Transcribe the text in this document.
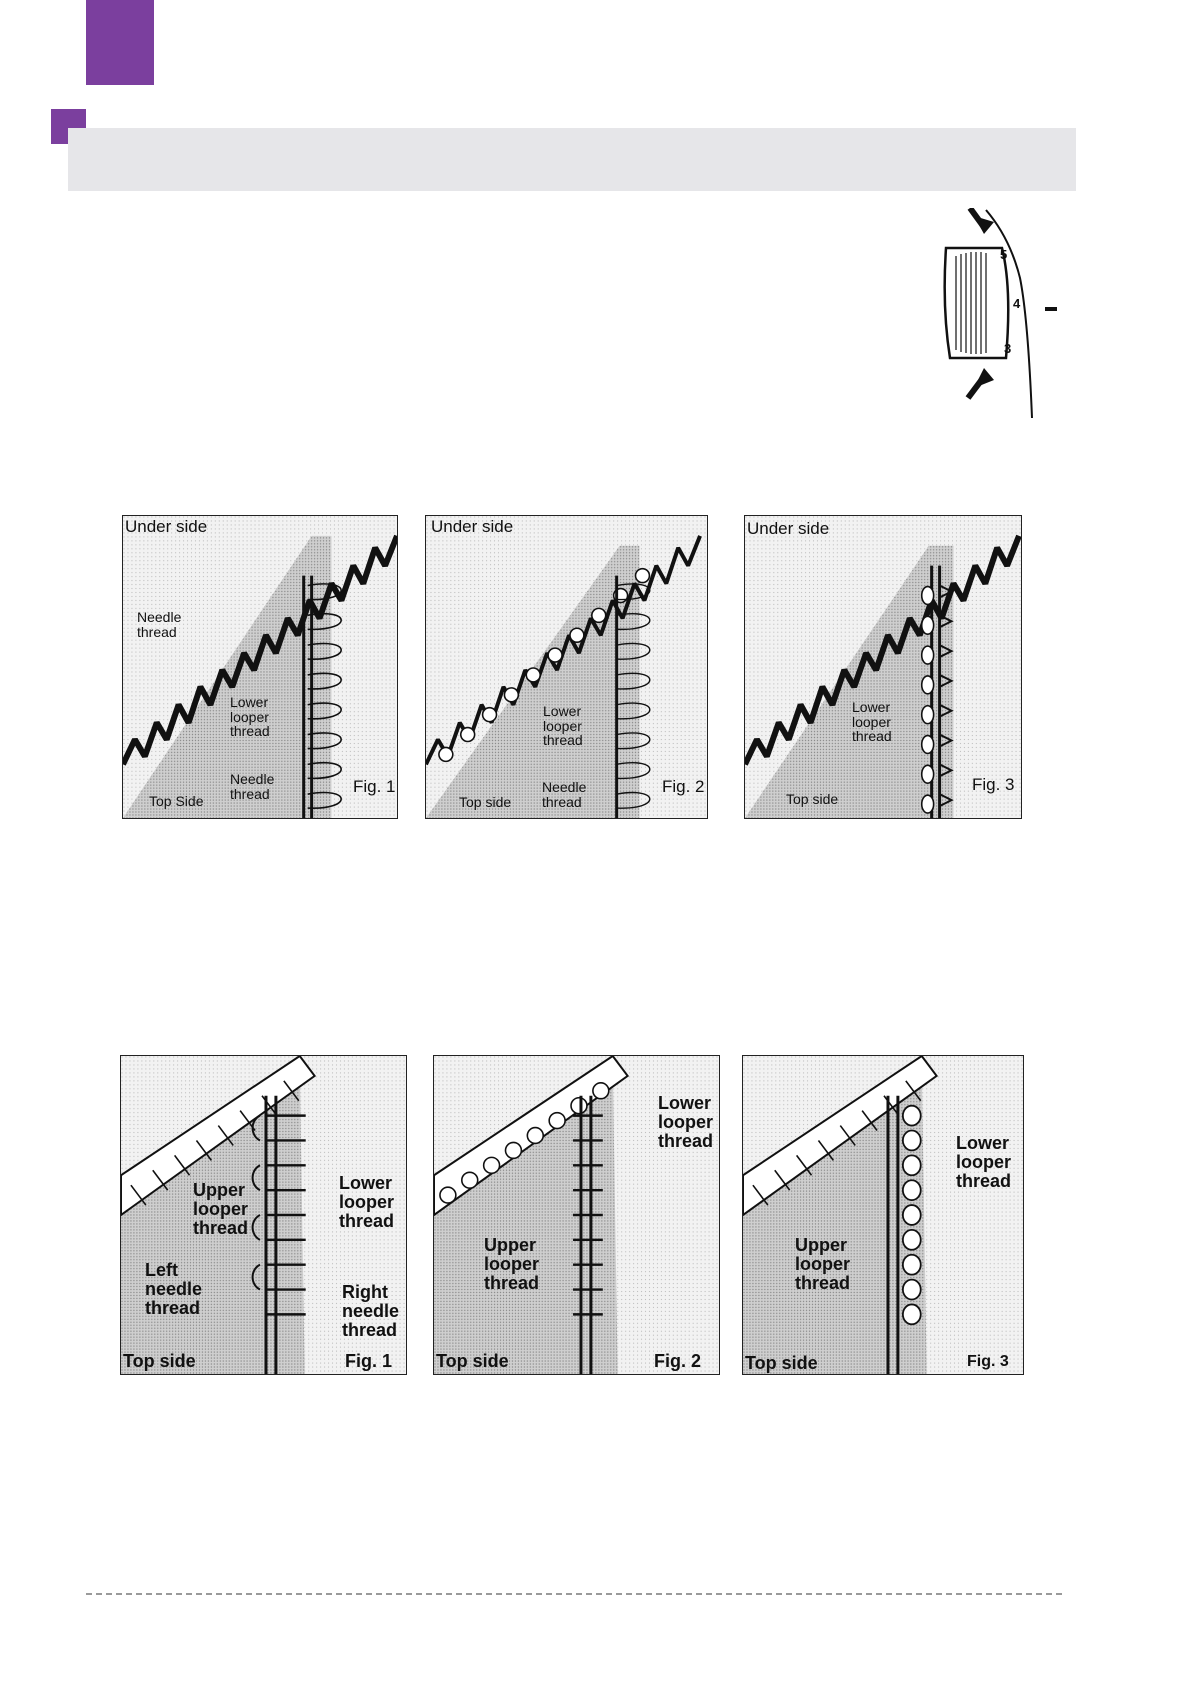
5
4
3
Under side
Needle
thread
Lower
looper
thread
Needle
thread
Top Side
Fig. 1
Under side
Lower
looper
thread
Needle
thread
Top side
Fig. 2
Under side
Lower
looper
thread
Top side
Fig. 3
Upper
looper
thread
Lower
looper
thread
Left
needle
thread
Right
needle
thread
Top side	Fig. 1
Lower
looper
thread
Upper
looper
thread
Top side	Fig. 2
Lower
looper
thread
Upper
looper
thread
Top side	Fig. 3
